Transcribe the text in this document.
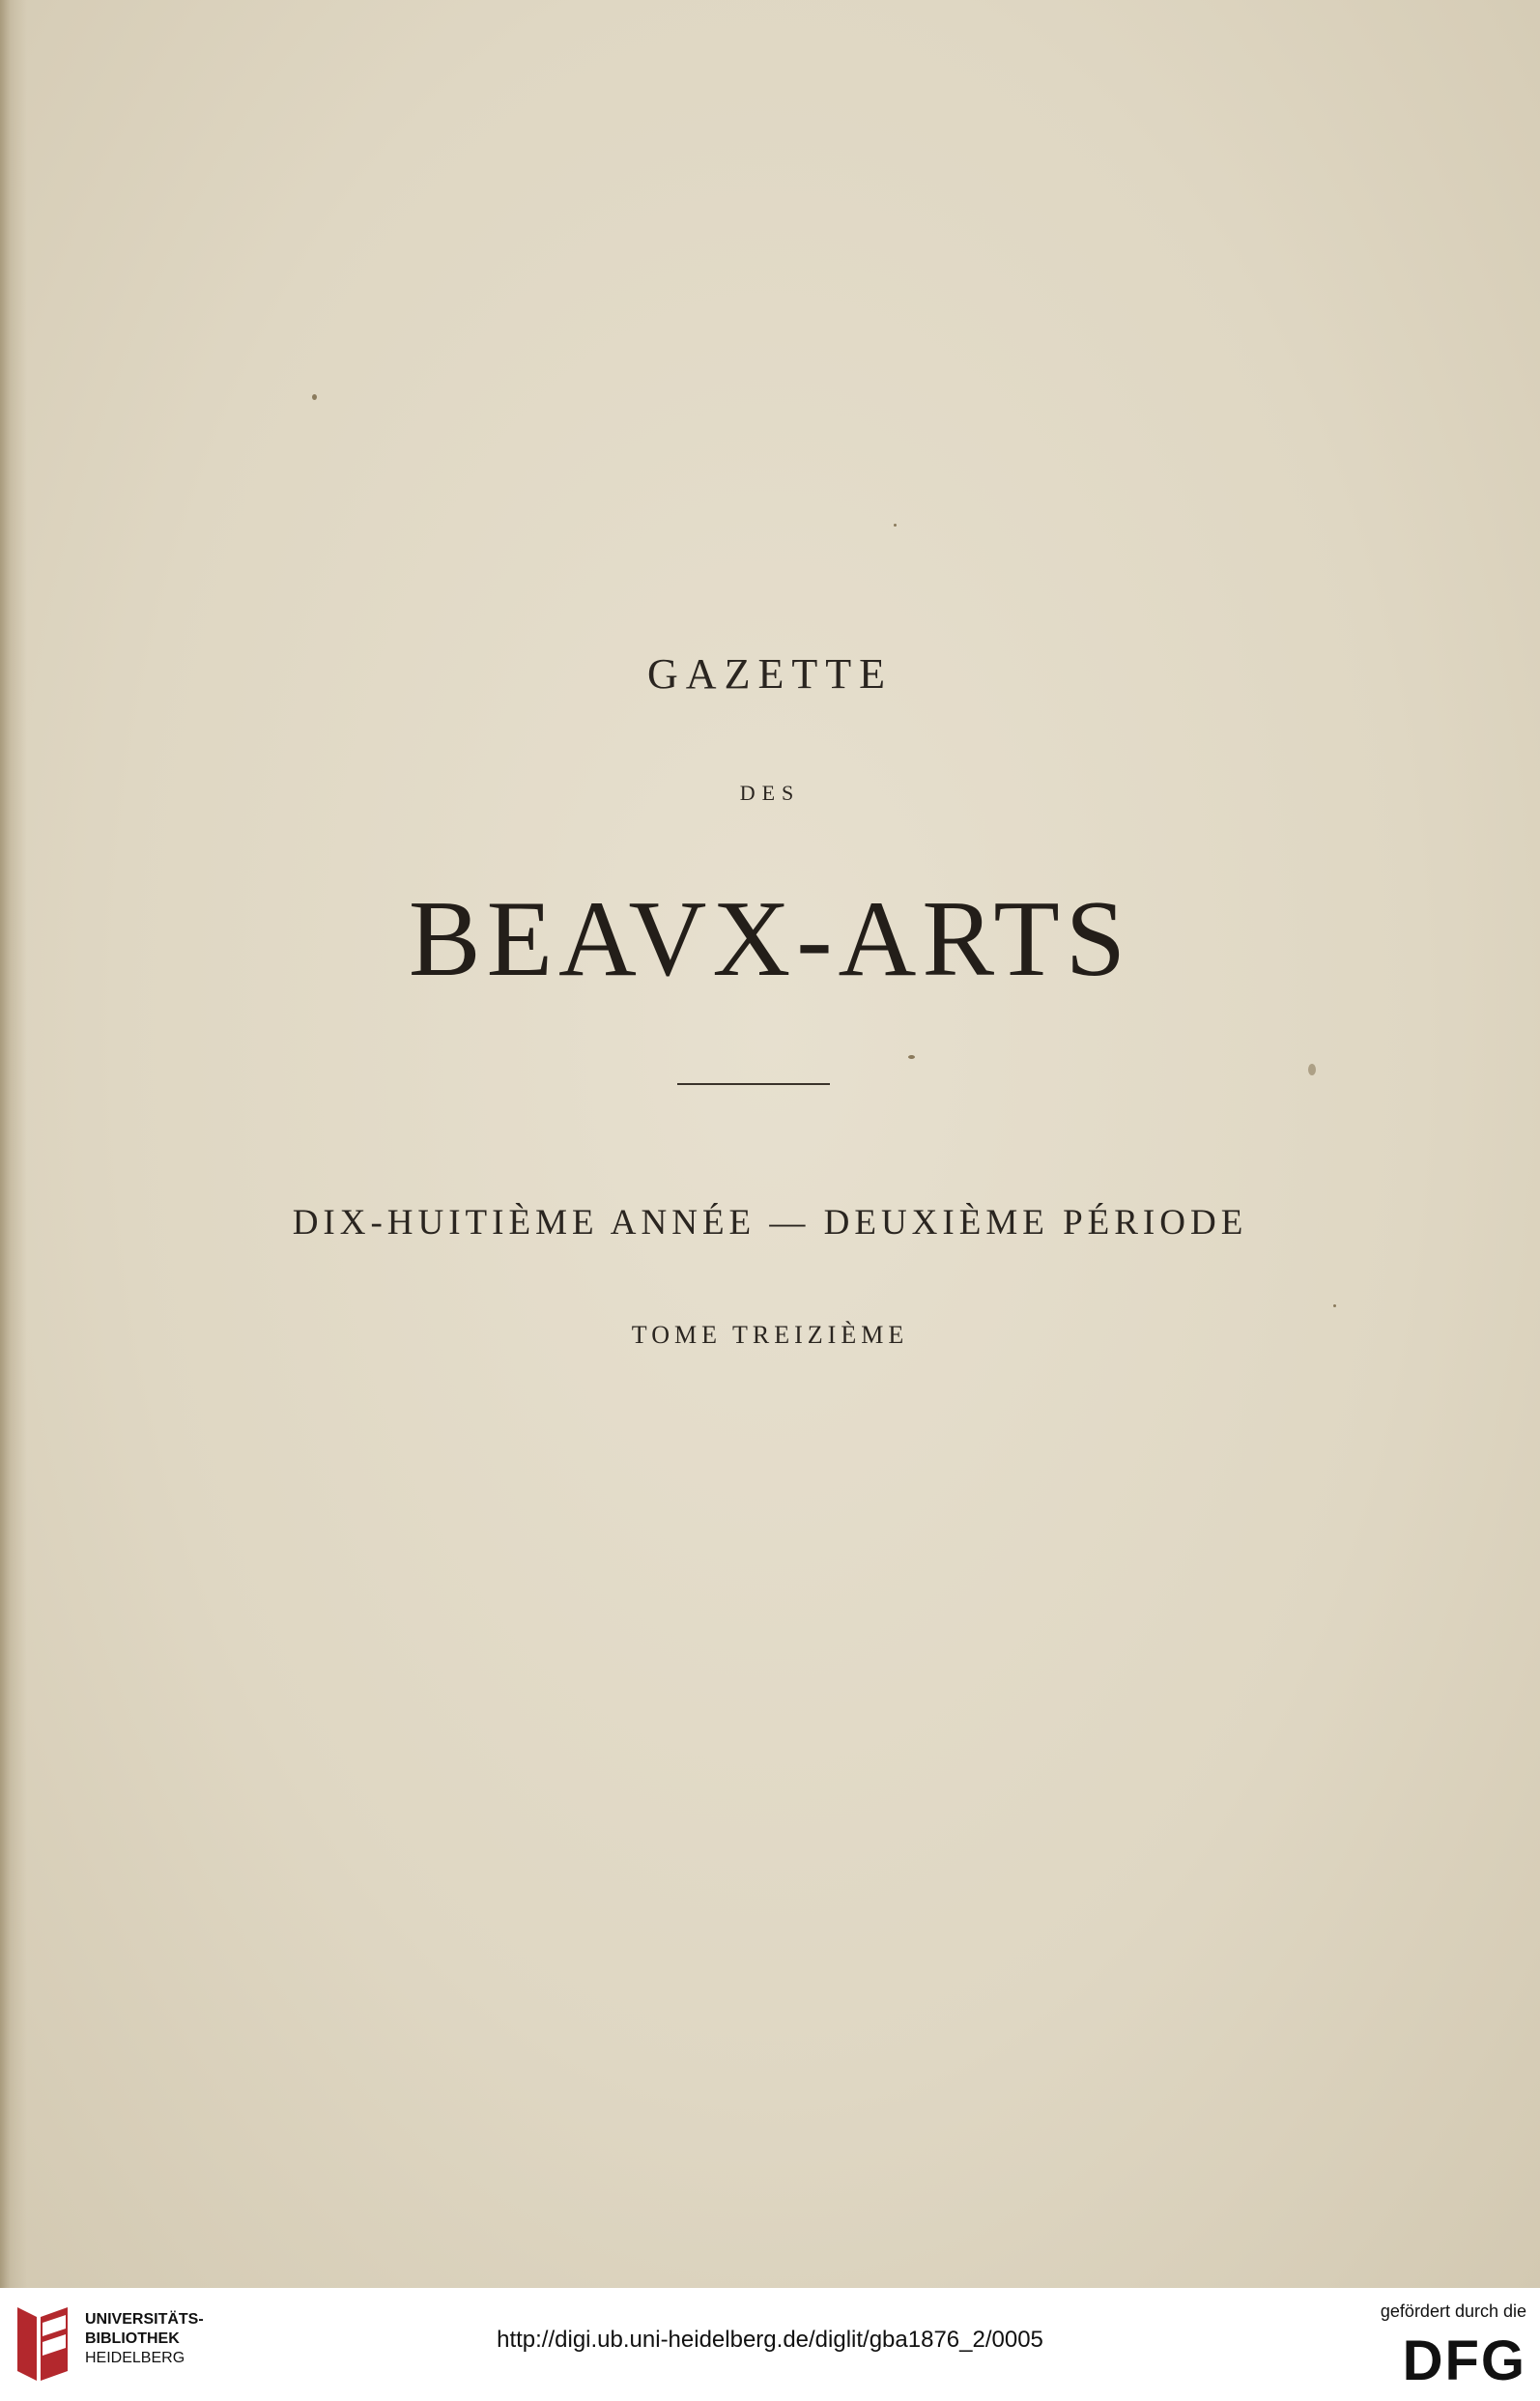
GAZETTE
DES
BEAVX-ARTS
DIX-HUITIÈME ANNÉE — DEUXIÈME PÉRIODE
TOME TREIZIÈME
UNIVERSITÄTS-
BIBLIOTHEK
HEIDELBERG
http://digi.ub.uni-heidelberg.de/diglit/gba1876_2/0005
gefördert durch die
DFG
